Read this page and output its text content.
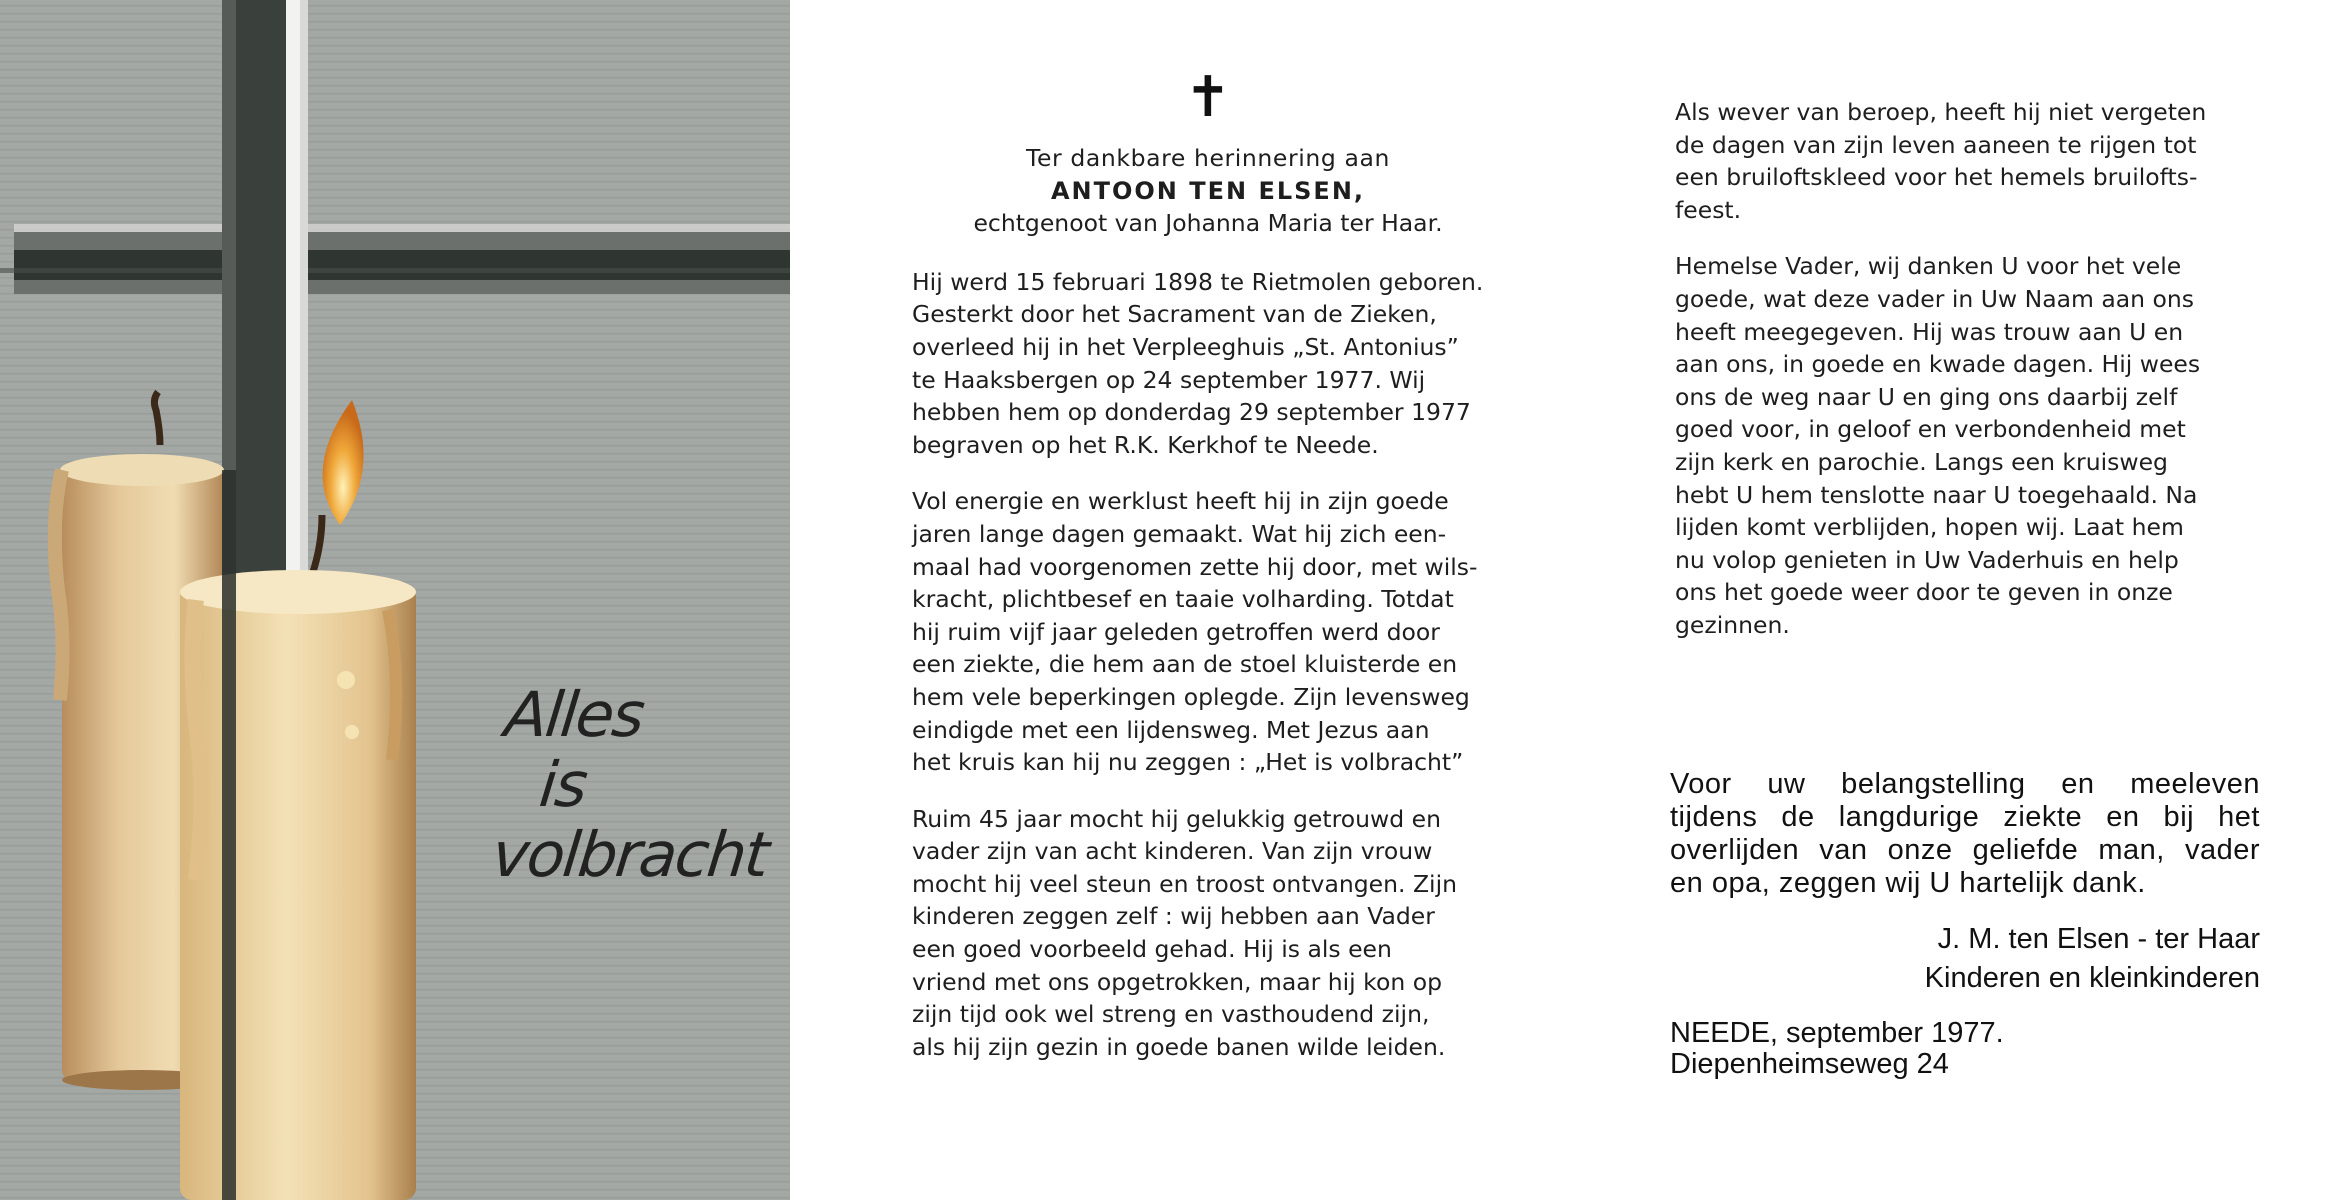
Alles
is
volbracht
✝

Ter dankbare herinnering aan

ANTOON TEN ELSEN,

echtgenoot van Johanna Maria ter Haar.

Hij werd 15 februari 1898 te Rietmolen geboren.

Gesterkt door het Sacrament van de Zieken,

overleed hij in het Verpleeghuis „St. Antonius”

te Haaksbergen op 24 september 1977. Wij

hebben hem op donderdag 29 september 1977

begraven op het R.K. Kerkhof te Neede.

Vol energie en werklust heeft hij in zijn goede

jaren lange dagen gemaakt. Wat hij zich een-

maal had voorgenomen zette hij door, met wils-

kracht, plichtbesef en taaie volharding. Totdat

hij ruim vijf jaar geleden getroffen werd door

een ziekte, die hem aan de stoel kluisterde en

hem vele beperkingen oplegde. Zijn levensweg

eindigde met een lijdensweg. Met Jezus aan

het kruis kan hij nu zeggen : „Het is volbracht”

Ruim 45 jaar mocht hij gelukkig getrouwd en

vader zijn van acht kinderen. Van zijn vrouw

mocht hij veel steun en troost ontvangen. Zijn

kinderen zeggen zelf : wij hebben aan Vader

een goed voorbeeld gehad. Hij is als een

vriend met ons opgetrokken, maar hij kon op

zijn tijd ook wel streng en vasthoudend zijn,

als hij zijn gezin in goede banen wilde leiden.

Als wever van beroep, heeft hij niet vergeten

de dagen van zijn leven aaneen te rijgen tot

een bruiloftskleed voor het hemels bruilofts-

feest.

Hemelse Vader, wij danken U voor het vele

goede, wat deze vader in Uw Naam aan ons

heeft meegegeven. Hij was trouw aan U en

aan ons, in goede en kwade dagen. Hij wees

ons de weg naar U en ging ons daarbij zelf

goed voor, in geloof en verbondenheid met

zijn kerk en parochie. Langs een kruisweg

hebt U hem tenslotte naar U toegehaald. Na

lijden komt verblijden, hopen wij. Laat hem

nu volop genieten in Uw Vaderhuis en help

ons het goede weer door te geven in onze

gezinnen.

Voor uw belangstelling en meeleven

tijdens de langdurige ziekte en bij het

overlijden van onze geliefde man, vader

en opa, zeggen wij U hartelijk dank.

J. M. ten Elsen - ter Haar
Kinderen en kleinkinderen
NEEDE, september 1977.
Diepenheimseweg 24
